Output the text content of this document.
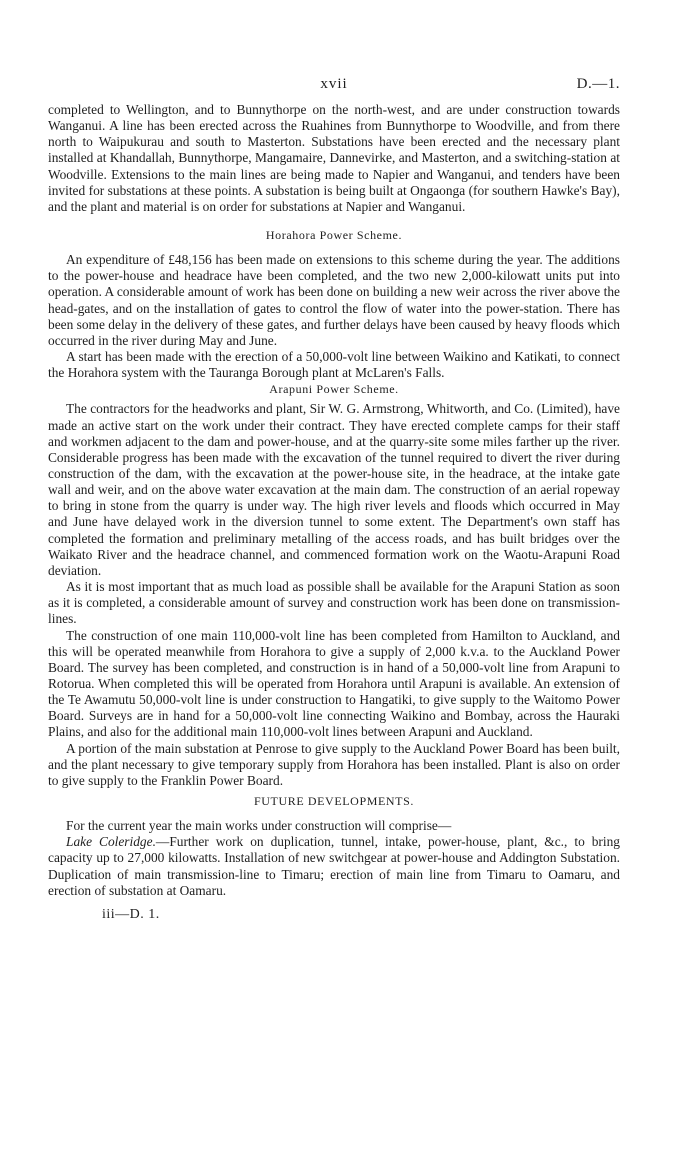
xvii	D.—1.

completed to Wellington, and to Bunnythorpe on the north-west, and are under construction towards Wanganui. A line has been erected across the Ruahines from Bunnythorpe to Woodville, and from there north to Waipukurau and south to Masterton. Substations have been erected and the necessary plant installed at Khandallah, Bunnythorpe, Mangamaire, Dannevirke, and Masterton, and a switching-station at Woodville. Extensions to the main lines are being made to Napier and Wanganui, and tenders have been invited for substations at these points. A substation is being built at Ongaonga (for southern Hawke's Bay), and the plant and material is on order for substations at Napier and Wanganui.

Horahora Power Scheme.

An expenditure of £48,156 has been made on extensions to this scheme during the year. The additions to the power-house and headrace have been completed, and the two new 2,000-kilowatt units put into operation. A considerable amount of work has been done on building a new weir across the river above the head-gates, and on the installation of gates to control the flow of water into the power-station. There has been some delay in the delivery of these gates, and further delays have been caused by heavy floods which occurred in the river during May and June.

A start has been made with the erection of a 50,000-volt line between Waikino and Katikati, to connect the Horahora system with the Tauranga Borough plant at McLaren's Falls.

Arapuni Power Scheme.

The contractors for the headworks and plant, Sir W. G. Armstrong, Whitworth, and Co. (Limited), have made an active start on the work under their contract. They have erected complete camps for their staff and workmen adjacent to the dam and power-house, and at the quarry-site some miles farther up the river. Considerable progress has been made with the excavation of the tunnel required to divert the river during construction of the dam, with the excavation at the power-house site, in the headrace, at the intake gate wall and weir, and on the above water excavation at the main dam. The construction of an aerial ropeway to bring in stone from the quarry is under way. The high river levels and floods which occurred in May and June have delayed work in the diversion tunnel to some extent. The Department's own staff has completed the formation and preliminary metalling of the access roads, and has built bridges over the Waikato River and the headrace channel, and commenced formation work on the Waotu-Arapuni Road deviation.

As it is most important that as much load as possible shall be available for the Arapuni Station as soon as it is completed, a considerable amount of survey and construction work has been done on transmission-lines.

The construction of one main 110,000-volt line has been completed from Hamilton to Auckland, and this will be operated meanwhile from Horahora to give a supply of 2,000 k.v.a. to the Auckland Power Board. The survey has been completed, and construction is in hand of a 50,000-volt line from Arapuni to Rotorua. When completed this will be operated from Horahora until Arapuni is available. An extension of the Te Awamutu 50,000-volt line is under construction to Hangatiki, to give supply to the Waitomo Power Board. Surveys are in hand for a 50,000-volt line connecting Waikino and Bombay, across the Hauraki Plains, and also for the additional main 110,000-volt lines between Arapuni and Auckland.

A portion of the main substation at Penrose to give supply to the Auckland Power Board has been built, and the plant necessary to give temporary supply from Horahora has been installed. Plant is also on order to give supply to the Franklin Power Board.

FUTURE DEVELOPMENTS.

For the current year the main works under construction will comprise—

Lake Coleridge.—Further work on duplication, tunnel, intake, power-house, plant, &c., to bring capacity up to 27,000 kilowatts. Installation of new switchgear at power-house and Addington Substation. Duplication of main transmission-line to Timaru; erection of main line from Timaru to Oamaru, and erection of substation at Oamaru.

iii—D. 1.
